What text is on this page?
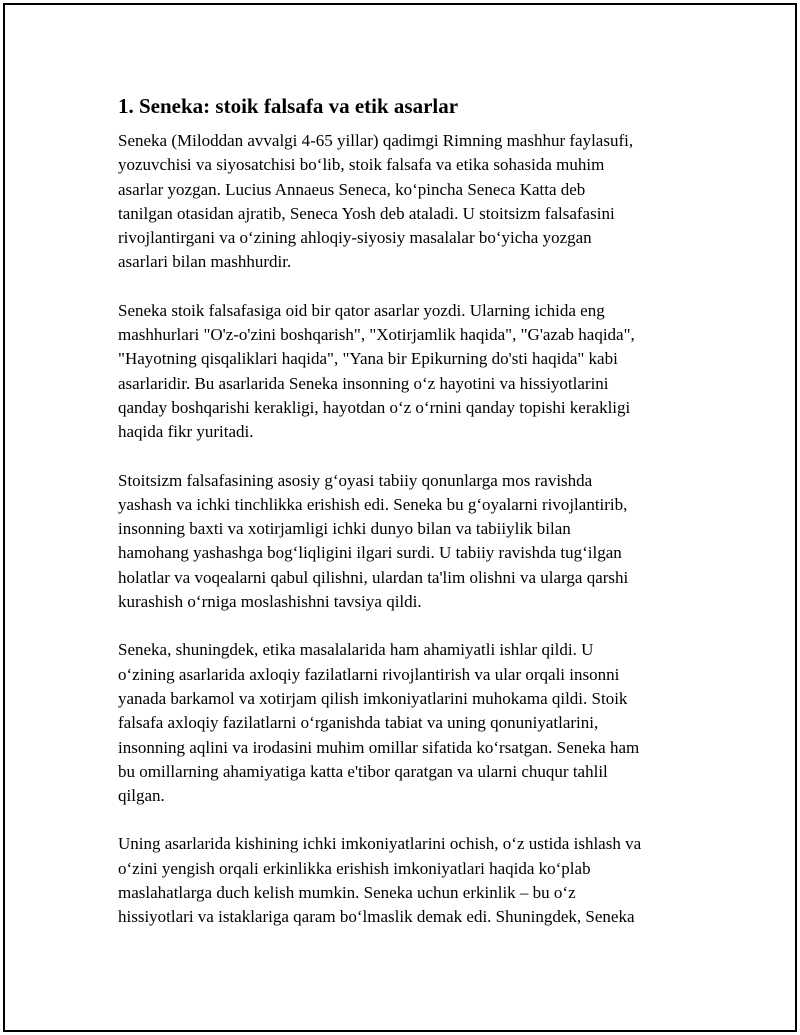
1. Seneka: stoik falsafa va etik asarlar

Seneka (Miloddan avvalgi 4-65 yillar) qadimgi Rimning mashhur faylasufi,
yozuvchisi va siyosatchisi boʻlib, stoik falsafa va etika sohasida muhim
asarlar yozgan. Lucius Annaeus Seneca, koʻpincha Seneca Katta deb
tanilgan otasidan ajratib, Seneca Yosh deb ataladi. U stoitsizm falsafasini
rivojlantirgani va oʻzining ahloqiy-siyosiy masalalar boʻyicha yozgan
asarlari bilan mashhurdir.

Seneka stoik falsafasiga oid bir qator asarlar yozdi. Ularning ichida eng
mashhurlari "O'z-o'zini boshqarish", "Xotirjamlik haqida", "G'azab haqida",
"Hayotning qisqaliklari haqida", "Yana bir Epikurning do'sti haqida" kabi
asarlaridir. Bu asarlarida Seneka insonning oʻz hayotini va hissiyotlarini
qanday boshqarishi kerakligi, hayotdan oʻz oʻrnini qanday topishi kerakligi
haqida fikr yuritadi.

Stoitsizm falsafasining asosiy gʻoyasi tabiiy qonunlarga mos ravishda
yashash va ichki tinchlikka erishish edi. Seneka bu gʻoyalarni rivojlantirib,
insonning baxti va xotirjamligi ichki dunyo bilan va tabiiylik bilan
hamohang yashashga bogʻliqligini ilgari surdi. U tabiiy ravishda tugʻilgan
holatlar va voqealarni qabul qilishni, ulardan ta'lim olishni va ularga qarshi
kurashish oʻrniga moslashishni tavsiya qildi.

Seneka, shuningdek, etika masalalarida ham ahamiyatli ishlar qildi. U
oʻzining asarlarida axloqiy fazilatlarni rivojlantirish va ular orqali insonni
yanada barkamol va xotirjam qilish imkoniyatlarini muhokama qildi. Stoik
falsafa axloqiy fazilatlarni oʻrganishda tabiat va uning qonuniyatlarini,
insonning aqlini va irodasini muhim omillar sifatida koʻrsatgan. Seneka ham
bu omillarning ahamiyatiga katta e'tibor qaratgan va ularni chuqur tahlil
qilgan.

Uning asarlarida kishining ichki imkoniyatlarini ochish, oʻz ustida ishlash va
oʻzini yengish orqali erkinlikka erishish imkoniyatlari haqida koʻplab
maslahatlarga duch kelish mumkin. Seneka uchun erkinlik – bu oʻz
hissiyotlari va istaklariga qaram boʻlmaslik demak edi. Shuningdek, Seneka
